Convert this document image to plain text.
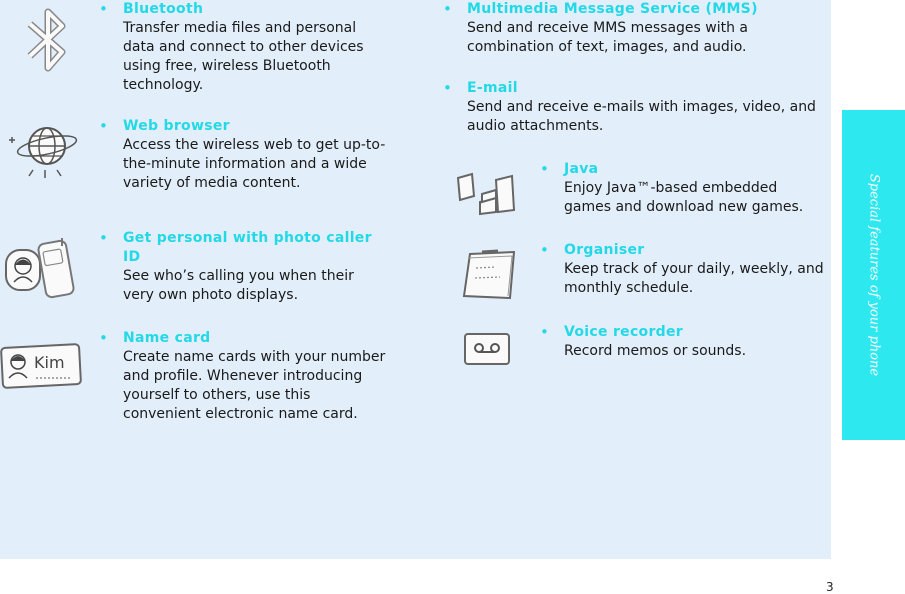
Special features of your phone
• Bluetooth
Transfer media files and personal data and connect to other devices using free, wireless Bluetooth technology.
• Web browser
Access the wireless web to get up-to-the-minute information and a wide variety of media content.
• Get personal with photo caller ID
See who’s calling you when their very own photo displays.
Kim
• Name card
Create name cards with your number and profile. Whenever introducing yourself to others, use this convenient electronic name card.
• Multimedia Message Service (MMS)
Send and receive MMS messages with a combination of text, images, and audio.
• E-mail
Send and receive e-mails with images, video, and audio attachments.
• Java
Enjoy Java™-based embedded games and download new games.
• Organiser
Keep track of your daily, weekly, and monthly schedule.
• Voice recorder
Record memos or sounds.
3
